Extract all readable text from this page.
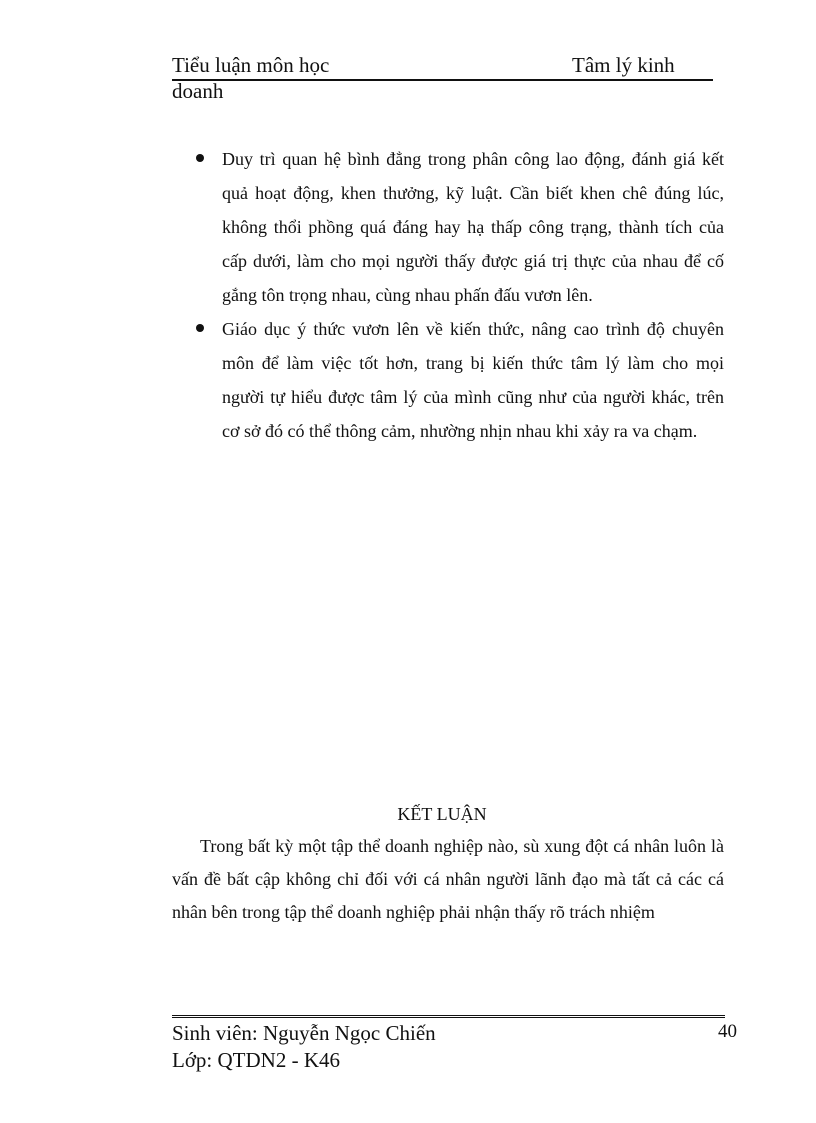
Tiểu luận môn học	Tâm lý kinh
doanh
Duy trì quan hệ bình đẳng trong phân công lao động, đánh giá kết quả hoạt động, khen thưởng, kỹ luật. Cần biết khen chê đúng lúc, không thổi phồng quá đáng hay hạ thấp công trạng, thành tích của cấp dưới, làm cho mọi người thấy được giá trị thực của nhau để cố gắng tôn trọng nhau, cùng nhau phấn đấu vươn lên.
Giáo dục ý thức vươn lên về kiến thức, nâng cao trình độ chuyên môn để làm việc tốt hơn, trang bị kiến thức tâm lý làm cho mọi người tự hiểu được tâm lý của mình cũng như của người khác, trên cơ sở đó có thể thông cảm, nhường nhịn nhau khi xảy ra va chạm.
KẾT LUẬN
Trong bất kỳ một tập thể doanh nghiệp nào, sù xung đột cá nhân luôn là vấn đề bất cập không chỉ đối với cá nhân người lãnh đạo mà tất cả các cá nhân bên trong tập thể doanh nghiệp phải nhận thấy rõ trách nhiệm
Sinh viên: Nguyễn Ngọc Chiến
Lớp: QTDN2 - K46
40
